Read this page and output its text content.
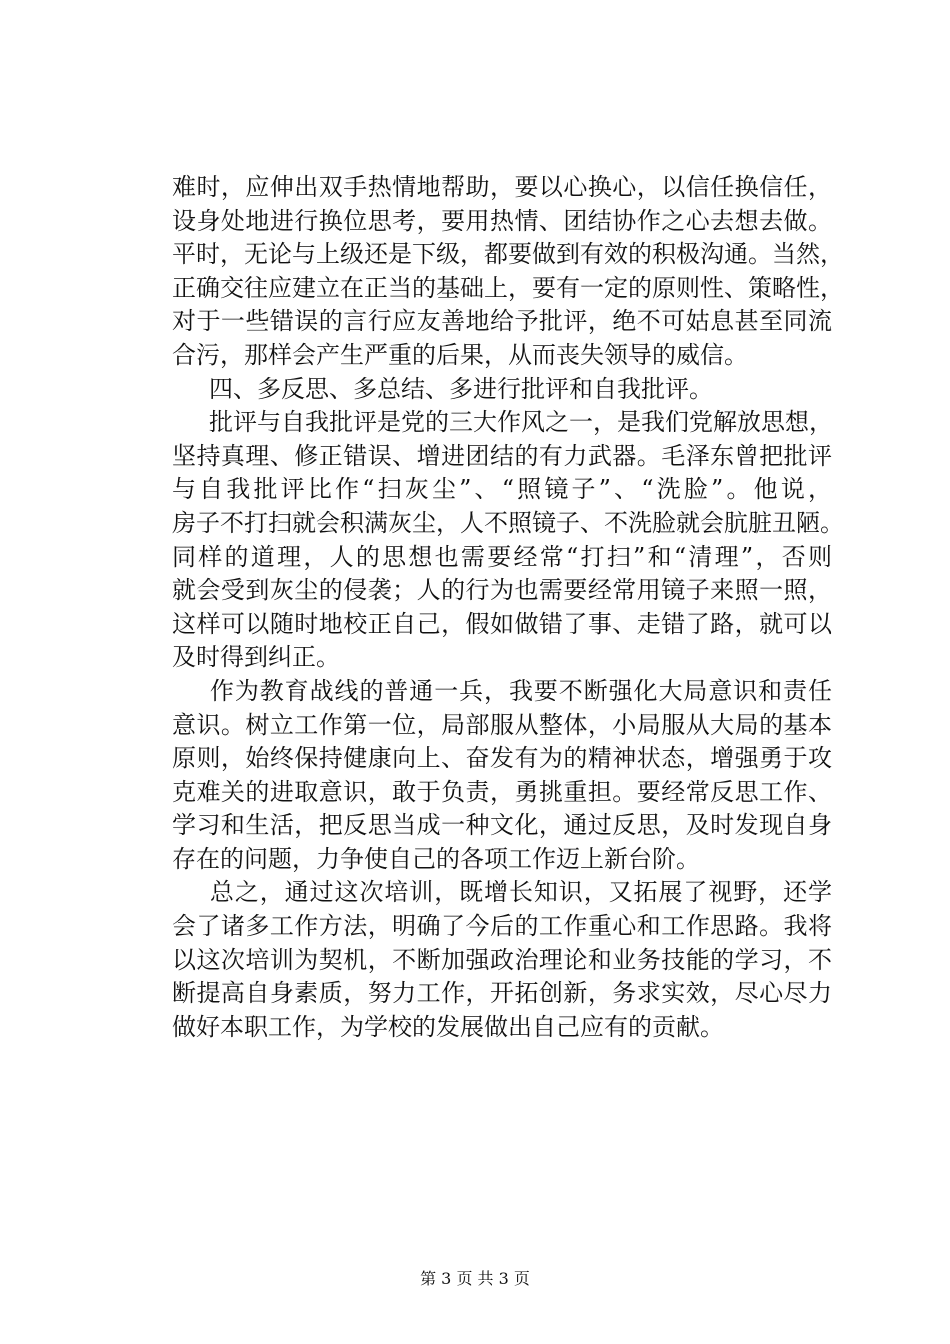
难时，应伸出双手热情地帮助，要以心换心，以信任换信任，
设身处地进行换位思考，要用热情、团结协作之心去想去做。
平时，无论与上级还是下级，都要做到有效的积极沟通。当然，
正确交往应建立在正当的基础上，要有一定的原则性、策略性，
对于一些错误的言行应友善地给予批评，绝不可姑息甚至同流
合污，那样会产生严重的后果，从而丧失领导的威信。
　四、多反思、多总结、多进行批评和自我批评。
　批评与自我批评是党的三大作风之一，是我们党解放思想，
坚持真理、修正错误、增进团结的有力武器。毛泽东曾把批评
与自我批评比作“扫灰尘”、“照镜子”、“洗脸”。他说，
房子不打扫就会积满灰尘，人不照镜子、不洗脸就会肮脏丑陋。
同样的道理，人的思想也需要经常“打扫”和“清理”，否则
就会受到灰尘的侵袭；人的行为也需要经常用镜子来照一照，
这样可以随时地校正自己，假如做错了事、走错了路，就可以
及时得到纠正。
　作为教育战线的普通一兵，我要不断强化大局意识和责任
意识。树立工作第一位，局部服从整体，小局服从大局的基本
原则，始终保持健康向上、奋发有为的精神状态，增强勇于攻
克难关的进取意识，敢于负责，勇挑重担。要经常反思工作、
学习和生活，把反思当成一种文化，通过反思，及时发现自身
存在的问题，力争使自己的各项工作迈上新台阶。
　总之，通过这次培训，既增长知识，又拓展了视野，还学
会了诸多工作方法，明确了今后的工作重心和工作思路。我将
以这次培训为契机，不断加强政治理论和业务技能的学习，不
断提高自身素质，努力工作，开拓创新，务求实效，尽心尽力
做好本职工作，为学校的发展做出自己应有的贡献。
第 3 页 共 3 页
